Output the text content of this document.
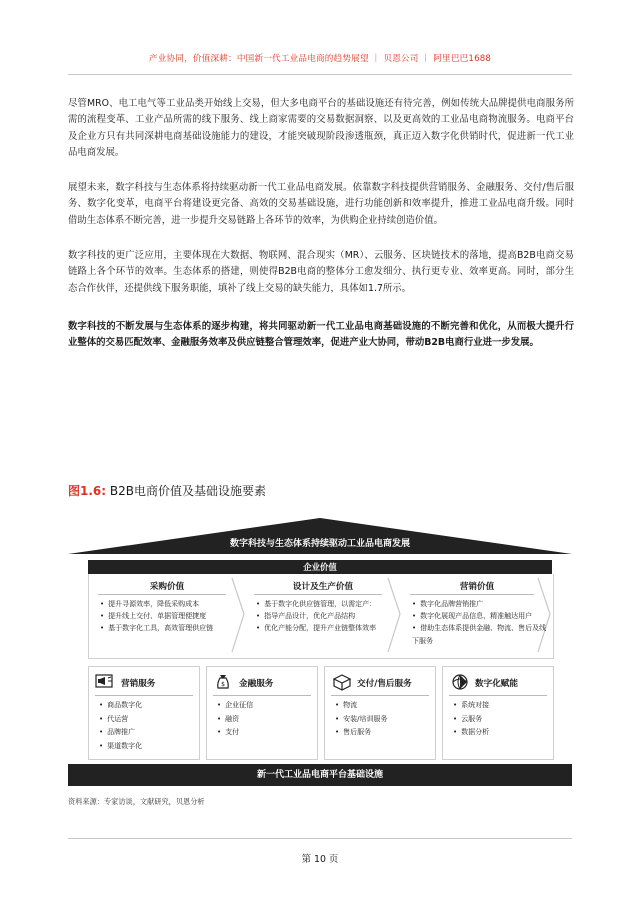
产业协同，价值深耕：中国新一代工业品电商的趋势展望 ｜ 贝恩公司 ｜ 阿里巴巴1688

尽管MRO、电工电气等工业品类开始线上交易，但大多电商平台的基础设施还有待完善，例如传统大品牌提供电商服务所需的流程变革、工业产品所需的线下服务、线上商家需要的交易数据洞察、以及更高效的工业品电商物流服务。电商平台及企业方只有共同深耕电商基础设施能力的建设，才能突破现阶段渗透瓶颈，真正迈入数字化供销时代，促进新一代工业品电商发展。

展望未来，数字科技与生态体系将持续驱动新一代工业品电商发展。依靠数字科技提供营销服务、金融服务、交付/售后服务、数字化变革，电商平台将建设更完备、高效的交易基础设施，进行功能创新和效率提升，推进工业品电商升级。同时借助生态体系不断完善，进一步提升交易链路上各环节的效率，为供购企业持续创造价值。

数字科技的更广泛应用，主要体现在大数据、物联网、混合现实（MR）、云服务、区块链技术的落地，提高B2B电商交易链路上各个环节的效率。生态体系的搭建，则使得B2B电商的整体分工愈发细分、执行更专业、效率更高。同时，部分生态合作伙伴，还提供线下服务职能，填补了线上交易的缺失能力，具体如1.7所示。

数字科技的不断发展与生态体系的逐步构建，将共同驱动新一代工业品电商基础设施的不断完善和优化，从而极大提升行业整体的交易匹配效率、金融服务效率及供应链整合管理效率，促进产业大协同，带动B2B电商行业进一步发展。

图1.6: B2B电商价值及基础设施要素
数字科技与生态体系持续驱动工业品电商发展
企业价值
采购价值
• 提升寻源效率，降低采购成本
• 提升线上交付、单据管理便捷度
• 基于数字化工具，高效管理供应链
设计及生产价值
• 基于数字化供应链管理，以需定产：
• 指导产品设计，优化产品结构
• 优化产能分配，提升产业链整体效率
营销价值
• 数字化品牌营销推广
• 数字化展现产品信息，精准触达用户
• 借助生态体系提供金融、物流、售后及线下服务
营销服务
• 商品数字化
• 代运营
• 品牌推广
• 渠道数字化
$ 金融服务
• 企业征信
• 融资
• 支付
交付/售后服务
• 物流
• 安装/培训服务
• 售后服务
数字化赋能
• 系统对接
• 云服务
• 数据分析
新一代工业品电商平台基础设施
资料来源：专家访谈，文献研究，贝恩分析
第 10 页
